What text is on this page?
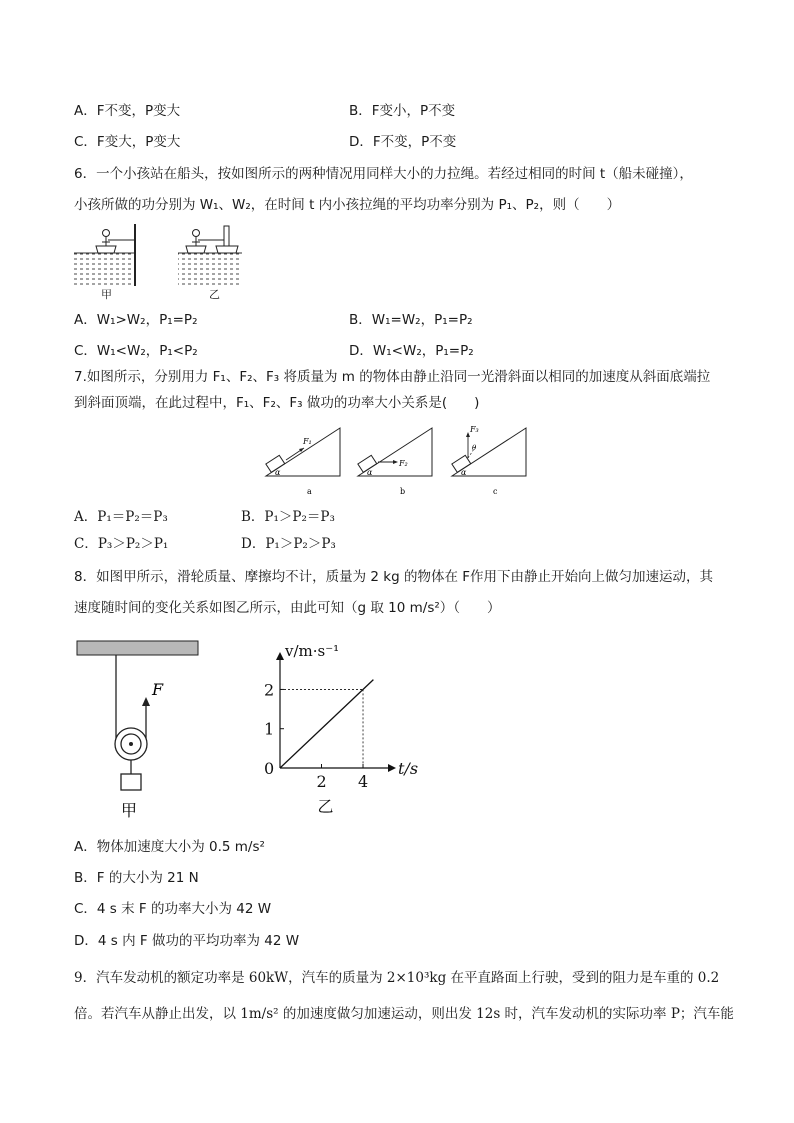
A．F不变，P变大	B．F变小，P不变
C．F变大，P变大	D．F不变，P不变
6．一个小孩站在船头，按如图所示的两种情况用同样大小的力拉绳。若经过相同的时间 t（船未碰撞），
小孩所做的功分别为 W₁、W₂，在时间 t 内小孩拉绳的平均功率分别为 P₁、P₂，则（　　）
甲	乙
A．W₁>W₂，P₁=P₂	B．W₁=W₂，P₁=P₂
C．W₁<W₂，P₁<P₂	D．W₁<W₂，P₁=P₂
7.如图所示，分别用力 F₁、F₂、F₃ 将质量为 m 的物体由静止沿同一光滑斜面以相同的加速度从斜面底端拉
到斜面顶端，在此过程中，F₁、F₂、F₃ 做功的功率大小关系是(　　)
F₁
α
a
F₂
α
b
F₃
θ
α
c
A．P₁＝P₂＝P₃	B．P₁＞P₂＝P₃
C．P₃＞P₂＞P₁	D．P₁＞P₂＞P₃
8．如图甲所示，滑轮质量、摩擦均不计，质量为 2 kg 的物体在 F作用下由静止开始向上做匀加速运动，其
速度随时间的变化关系如图乙所示，由此可知（g 取 10 m/s²）（　　）
F
甲
t/s
v/m·s⁻¹
0
2 4
1
2
乙
A．物体加速度大小为 0.5 m/s²
B．F 的大小为 21 N
C．4 s 末 F 的功率大小为 42 W
D．4 s 内 F 做功的平均功率为 42 W
9．汽车发动机的额定功率是 60kW，汽车的质量为 2×10³kg 在平直路面上行驶，受到的阻力是车重的 0.2
倍。若汽车从静止出发，以 1m/s² 的加速度做匀加速运动，则出发 12s 时，汽车发动机的实际功率 P；汽车能
